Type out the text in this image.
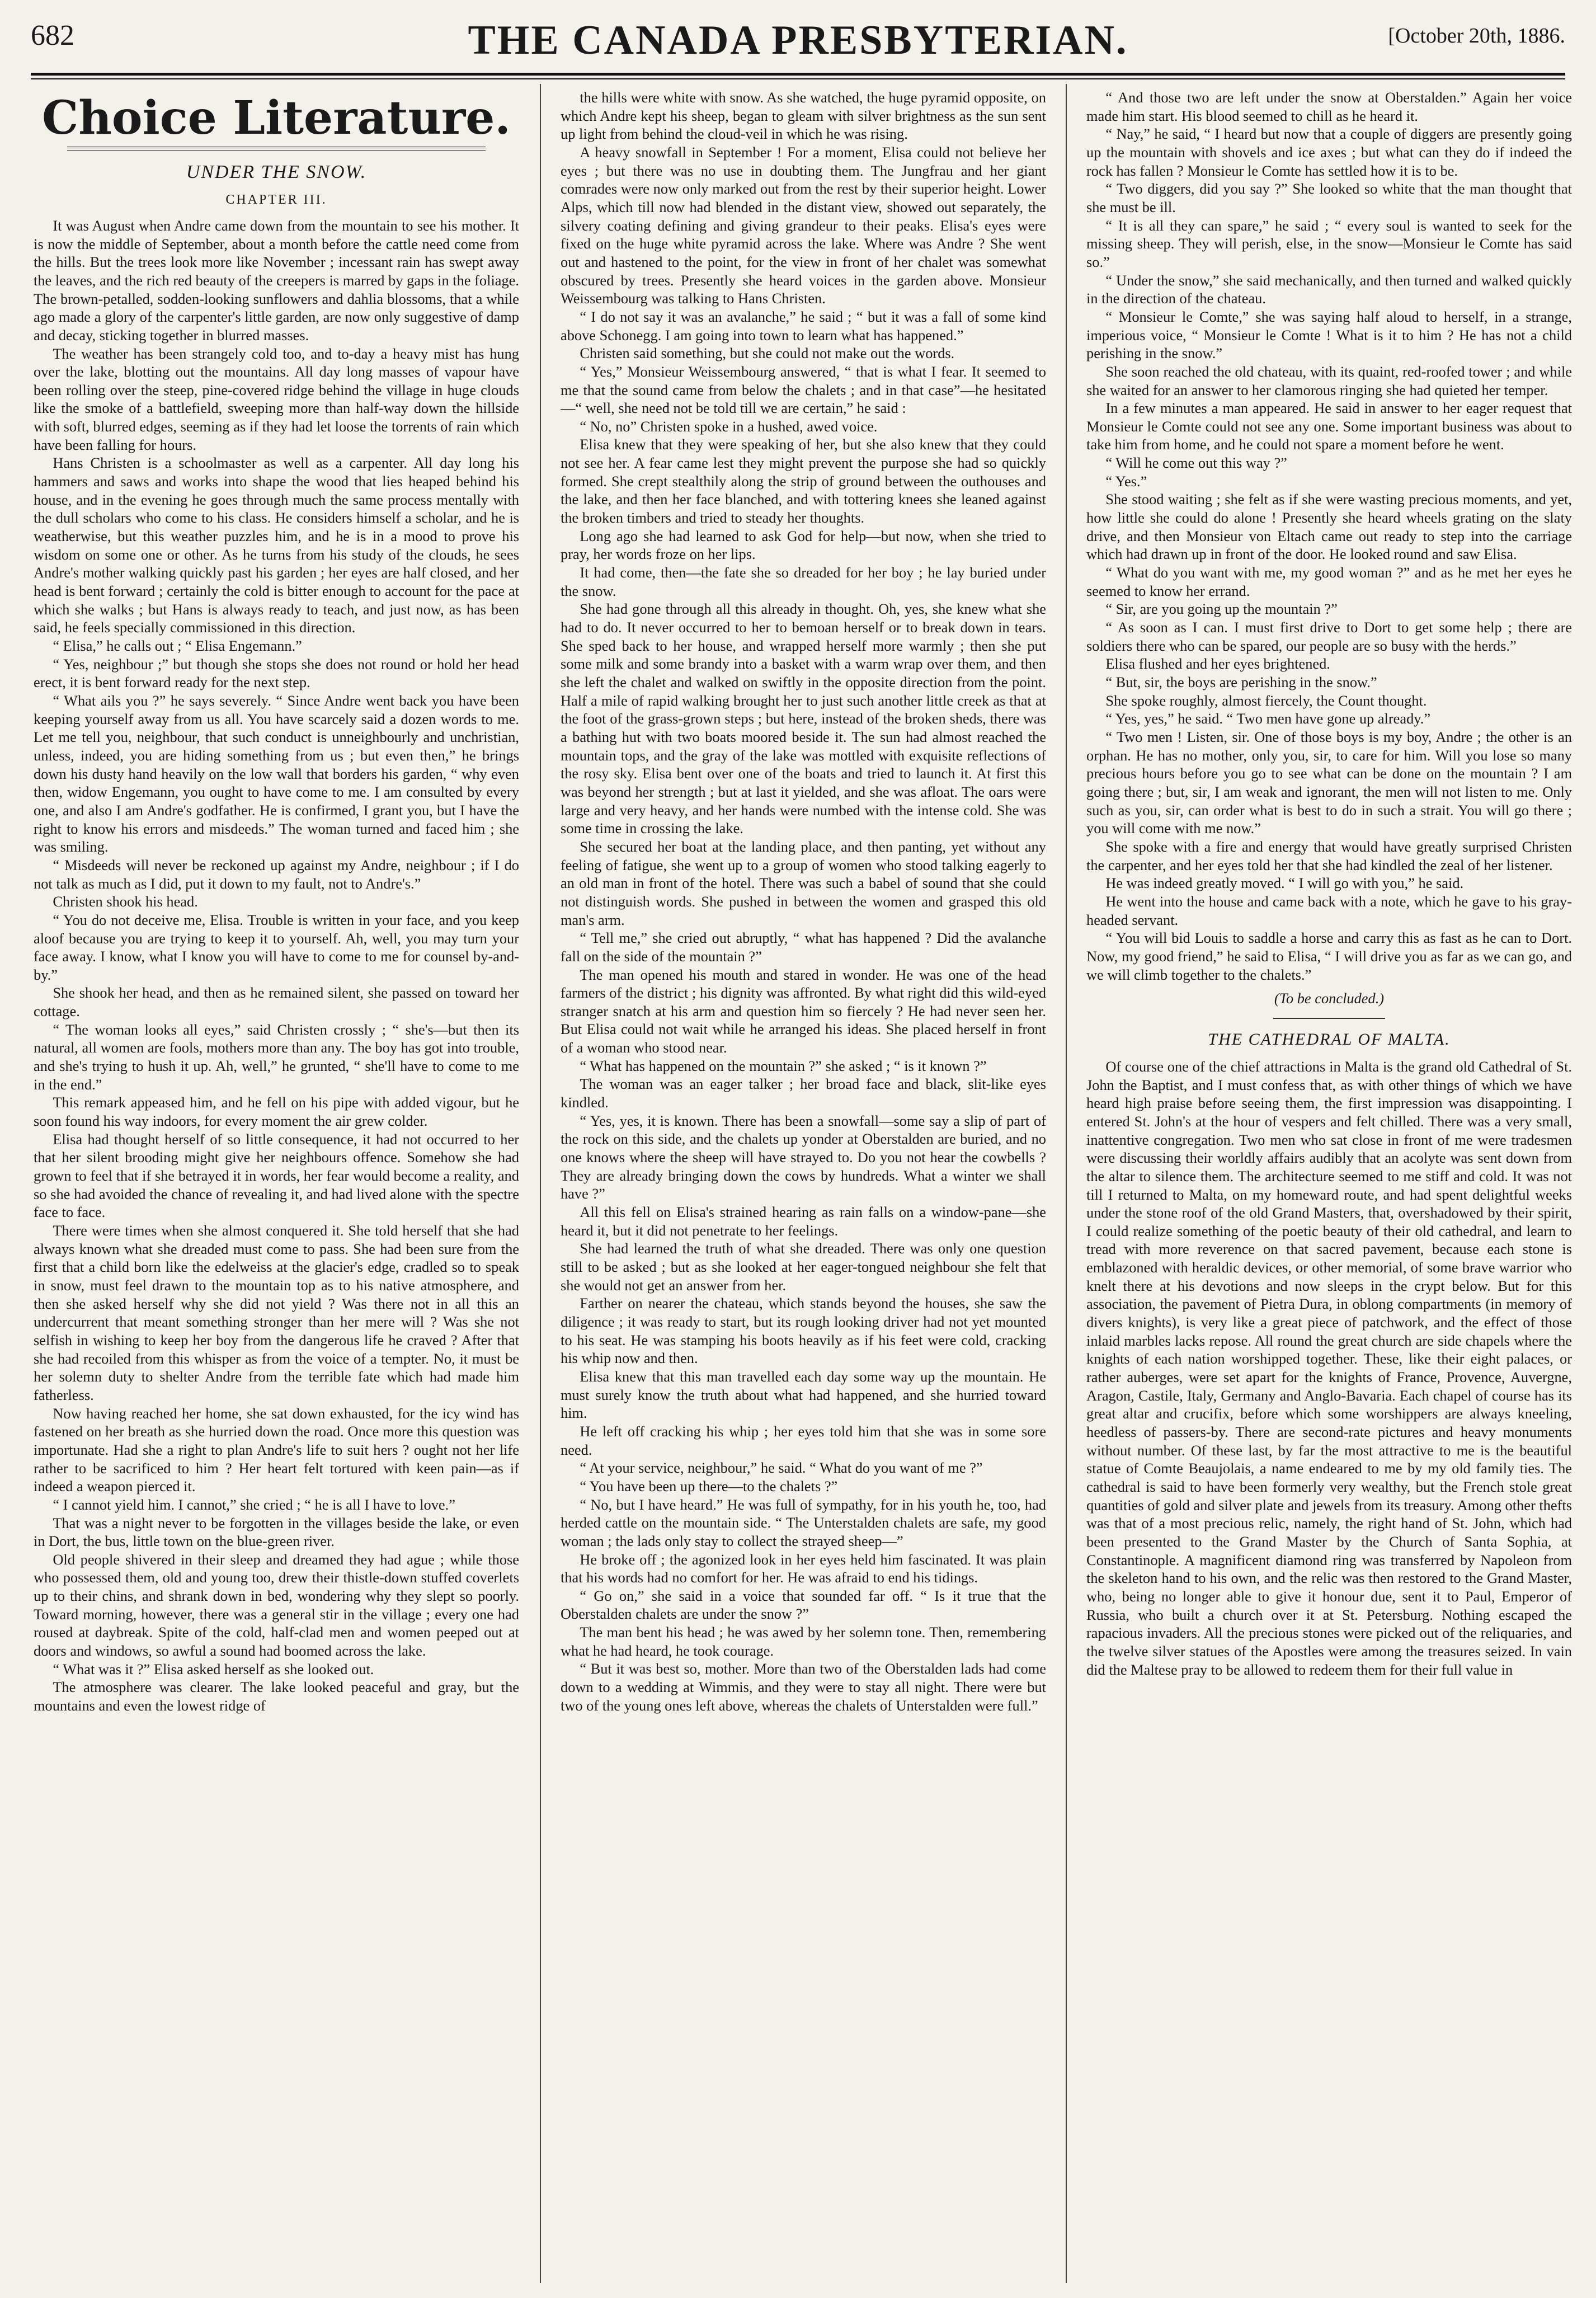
682	THE CANADA PRESBYTERIAN.	[October 20th, 1886.
Choice Literature.
UNDER THE SNOW.
CHAPTER III.

It was August when Andre came down from the mountain to see his mother. It is now the middle of September, about a month before the cattle need come from the hills. But the trees look more like November ; incessant rain has swept away the leaves, and the rich red beauty of the creepers is marred by gaps in the foliage. The brown-petalled, sodden-looking sunflowers and dahlia blossoms, that a while ago made a glory of the carpenter's little garden, are now only suggestive of damp and decay, sticking together in blurred masses.

The weather has been strangely cold too, and to-day a heavy mist has hung over the lake, blotting out the mountains. All day long masses of vapour have been rolling over the steep, pine-covered ridge behind the village in huge clouds like the smoke of a battlefield, sweeping more than half-way down the hillside with soft, blurred edges, seeming as if they had let loose the torrents of rain which have been falling for hours.

Hans Christen is a schoolmaster as well as a carpenter. All day long his hammers and saws and works into shape the wood that lies heaped behind his house, and in the evening he goes through much the same process mentally with the dull scholars who come to his class. He considers himself a scholar, and he is weatherwise, but this weather puzzles him, and he is in a mood to prove his wisdom on some one or other. As he turns from his study of the clouds, he sees Andre's mother walking quickly past his garden ; her eyes are half closed, and her head is bent forward ; certainly the cold is bitter enough to account for the pace at which she walks ; but Hans is always ready to teach, and just now, as has been said, he feels specially commissioned in this direction.

“ Elisa,” he calls out ; “ Elisa Engemann.”

“ Yes, neighbour ;” but though she stops she does not round or hold her head erect, it is bent forward ready for the next step.

“ What ails you ?” he says severely. “ Since Andre went back you have been keeping yourself away from us all. You have scarcely said a dozen words to me. Let me tell you, neighbour, that such conduct is unneighbourly and unchristian, unless, indeed, you are hiding something from us ; but even then,” he brings down his dusty hand heavily on the low wall that borders his garden, “ why even then, widow Engemann, you ought to have come to me. I am consulted by every one, and also I am Andre's godfather. He is confirmed, I grant you, but I have the right to know his errors and misdeeds.” The woman turned and faced him ; she was smiling.

“ Misdeeds will never be reckoned up against my Andre, neighbour ; if I do not talk as much as I did, put it down to my fault, not to Andre's.”

Christen shook his head.

“ You do not deceive me, Elisa. Trouble is written in your face, and you keep aloof because you are trying to keep it to yourself. Ah, well, you may turn your face away. I know, what I know you will have to come to me for counsel by-and-by.”

She shook her head, and then as he remained silent, she passed on toward her cottage.

“ The woman looks all eyes,” said Christen crossly ; “ she's—but then its natural, all women are fools, mothers more than any. The boy has got into trouble, and she's trying to hush it up. Ah, well,” he grunted, “ she'll have to come to me in the end.”

This remark appeased him, and he fell on his pipe with added vigour, but he soon found his way indoors, for every moment the air grew colder.

Elisa had thought herself of so little consequence, it had not occurred to her that her silent brooding might give her neighbours offence. Somehow she had grown to feel that if she betrayed it in words, her fear would become a reality, and so she had avoided the chance of revealing it, and had lived alone with the spectre face to face.

There were times when she almost conquered it. She told herself that she had always known what she dreaded must come to pass. She had been sure from the first that a child born like the edelweiss at the glacier's edge, cradled so to speak in snow, must feel drawn to the mountain top as to his native atmosphere, and then she asked herself why she did not yield ? Was there not in all this an undercurrent that meant something stronger than her mere will ? Was she not selfish in wishing to keep her boy from the dangerous life he craved ? After that she had recoiled from this whisper as from the voice of a tempter. No, it must be her solemn duty to shelter Andre from the terrible fate which had made him fatherless.

Now having reached her home, she sat down exhausted, for the icy wind has fastened on her breath as she hurried down the road. Once more this question was importunate. Had she a right to plan Andre's life to suit hers ? ought not her life rather to be sacrificed to him ? Her heart felt tortured with keen pain—as if indeed a weapon pierced it.

“ I cannot yield him. I cannot,” she cried ; “ he is all I have to love.”

That was a night never to be forgotten in the villages beside the lake, or even in Dort, the bus, little town on the blue-green river.

Old people shivered in their sleep and dreamed they had ague ; while those who possessed them, old and young too, drew their thistle-down stuffed coverlets up to their chins, and shrank down in bed, wondering why they slept so poorly. Toward morning, however, there was a general stir in the village ; every one had roused at daybreak. Spite of the cold, half-clad men and women peeped out at doors and windows, so awful a sound had boomed across the lake.

“ What was it ?” Elisa asked herself as she looked out.

The atmosphere was clearer. The lake looked peaceful and gray, but the mountains and even the lowest ridge of

the hills were white with snow. As she watched, the huge pyramid opposite, on which Andre kept his sheep, began to gleam with silver brightness as the sun sent up light from behind the cloud-veil in which he was rising.

A heavy snowfall in September ! For a moment, Elisa could not believe her eyes ; but there was no use in doubting them. The Jungfrau and her giant comrades were now only marked out from the rest by their superior height. Lower Alps, which till now had blended in the distant view, showed out separately, the silvery coating defining and giving grandeur to their peaks. Elisa's eyes were fixed on the huge white pyramid across the lake. Where was Andre ? She went out and hastened to the point, for the view in front of her chalet was somewhat obscured by trees. Presently she heard voices in the garden above. Monsieur Weissembourg was talking to Hans Christen.

“ I do not say it was an avalanche,” he said ; “ but it was a fall of some kind above Schonegg. I am going into town to learn what has happened.”

Christen said something, but she could not make out the words.

“ Yes,” Monsieur Weissembourg answered, “ that is what I fear. It seemed to me that the sound came from below the chalets ; and in that case”—he hesitated—“ well, she need not be told till we are certain,” he said :

“ No, no” Christen spoke in a hushed, awed voice.

Elisa knew that they were speaking of her, but she also knew that they could not see her. A fear came lest they might prevent the purpose she had so quickly formed. She crept stealthily along the strip of ground between the outhouses and the lake, and then her face blanched, and with tottering knees she leaned against the broken timbers and tried to steady her thoughts.

Long ago she had learned to ask God for help—but now, when she tried to pray, her words froze on her lips.

It had come, then—the fate she so dreaded for her boy ; he lay buried under the snow.

She had gone through all this already in thought. Oh, yes, she knew what she had to do. It never occurred to her to bemoan herself or to break down in tears. She sped back to her house, and wrapped herself more warmly ; then she put some milk and some brandy into a basket with a warm wrap over them, and then she left the chalet and walked on swiftly in the opposite direction from the point. Half a mile of rapid walking brought her to just such another little creek as that at the foot of the grass-grown steps ; but here, instead of the broken sheds, there was a bathing hut with two boats moored beside it. The sun had almost reached the mountain tops, and the gray of the lake was mottled with exquisite reflections of the rosy sky. Elisa bent over one of the boats and tried to launch it. At first this was beyond her strength ; but at last it yielded, and she was afloat. The oars were large and very heavy, and her hands were numbed with the intense cold. She was some time in crossing the lake.

She secured her boat at the landing place, and then panting, yet without any feeling of fatigue, she went up to a group of women who stood talking eagerly to an old man in front of the hotel. There was such a babel of sound that she could not distinguish words. She pushed in between the women and grasped this old man's arm.

“ Tell me,” she cried out abruptly, “ what has happened ? Did the avalanche fall on the side of the mountain ?”

The man opened his mouth and stared in wonder. He was one of the head farmers of the district ; his dignity was affronted. By what right did this wild-eyed stranger snatch at his arm and question him so fiercely ? He had never seen her. But Elisa could not wait while he arranged his ideas. She placed herself in front of a woman who stood near.

“ What has happened on the mountain ?” she asked ; “ is it known ?”

The woman was an eager talker ; her broad face and black, slit-like eyes kindled.

“ Yes, yes, it is known. There has been a snowfall—some say a slip of part of the rock on this side, and the chalets up yonder at Oberstalden are buried, and no one knows where the sheep will have strayed to. Do you not hear the cowbells ? They are already bringing down the cows by hundreds. What a winter we shall have ?”

All this fell on Elisa's strained hearing as rain falls on a window-pane—she heard it, but it did not penetrate to her feelings.

She had learned the truth of what she dreaded. There was only one question still to be asked ; but as she looked at her eager-tongued neighbour she felt that she would not get an answer from her.

Farther on nearer the chateau, which stands beyond the houses, she saw the diligence ; it was ready to start, but its rough looking driver had not yet mounted to his seat. He was stamping his boots heavily as if his feet were cold, cracking his whip now and then.

Elisa knew that this man travelled each day some way up the mountain. He must surely know the truth about what had happened, and she hurried toward him.

He left off cracking his whip ; her eyes told him that she was in some sore need.

“ At your service, neighbour,” he said. “ What do you want of me ?”

“ You have been up there—to the chalets ?”

“ No, but I have heard.” He was full of sympathy, for in his youth he, too, had herded cattle on the mountain side. “ The Unterstalden chalets are safe, my good woman ; the lads only stay to collect the strayed sheep—”

He broke off ; the agonized look in her eyes held him fascinated. It was plain that his words had no comfort for her. He was afraid to end his tidings.

“ Go on,” she said in a voice that sounded far off. “ Is it true that the Oberstalden chalets are under the snow ?”

The man bent his head ; he was awed by her solemn tone. Then, remembering what he had heard, he took courage.

“ But it was best so, mother. More than two of the Oberstalden lads had come down to a wedding at Wimmis, and they were to stay all night. There were but two of the young ones left above, whereas the chalets of Unterstalden were full.”

“ And those two are left under the snow at Oberstalden.” Again her voice made him start. His blood seemed to chill as he heard it.

“ Nay,” he said, “ I heard but now that a couple of diggers are presently going up the mountain with shovels and ice axes ; but what can they do if indeed the rock has fallen ? Monsieur le Comte has settled how it is to be.

“ Two diggers, did you say ?” She looked so white that the man thought that she must be ill.

“ It is all they can spare,” he said ; “ every soul is wanted to seek for the missing sheep. They will perish, else, in the snow—Monsieur le Comte has said so.”

“ Under the snow,” she said mechanically, and then turned and walked quickly in the direction of the chateau.

“ Monsieur le Comte,” she was saying half aloud to herself, in a strange, imperious voice, “ Monsieur le Comte ! What is it to him ? He has not a child perishing in the snow.”

She soon reached the old chateau, with its quaint, red-roofed tower ; and while she waited for an answer to her clamorous ringing she had quieted her temper.

In a few minutes a man appeared. He said in answer to her eager request that Monsieur le Comte could not see any one. Some important business was about to take him from home, and he could not spare a moment before he went.

“ Will he come out this way ?”

“ Yes.”

She stood waiting ; she felt as if she were wasting precious moments, and yet, how little she could do alone ! Presently she heard wheels grating on the slaty drive, and then Monsieur von Eltach came out ready to step into the carriage which had drawn up in front of the door. He looked round and saw Elisa.

“ What do you want with me, my good woman ?” and as he met her eyes he seemed to know her errand.

“ Sir, are you going up the mountain ?”

“ As soon as I can. I must first drive to Dort to get some help ; there are soldiers there who can be spared, our people are so busy with the herds.”

Elisa flushed and her eyes brightened.

“ But, sir, the boys are perishing in the snow.”

She spoke roughly, almost fiercely, the Count thought.

“ Yes, yes,” he said. “ Two men have gone up already.”

“ Two men ! Listen, sir. One of those boys is my boy, Andre ; the other is an orphan. He has no mother, only you, sir, to care for him. Will you lose so many precious hours before you go to see what can be done on the mountain ? I am going there ; but, sir, I am weak and ignorant, the men will not listen to me. Only such as you, sir, can order what is best to do in such a strait. You will go there ; you will come with me now.”

She spoke with a fire and energy that would have greatly surprised Christen the carpenter, and her eyes told her that she had kindled the zeal of her listener.

He was indeed greatly moved. “ I will go with you,” he said.

He went into the house and came back with a note, which he gave to his gray-headed servant.

“ You will bid Louis to saddle a horse and carry this as fast as he can to Dort. Now, my good friend,” he said to Elisa, “ I will drive you as far as we can go, and we will climb together to the chalets.”

(To be concluded.)
THE CATHEDRAL OF MALTA.

Of course one of the chief attractions in Malta is the grand old Cathedral of St. John the Baptist, and I must confess that, as with other things of which we have heard high praise before seeing them, the first impression was disappointing. I entered St. John's at the hour of vespers and felt chilled. There was a very small, inattentive congregation. Two men who sat close in front of me were tradesmen were discussing their worldly affairs audibly that an acolyte was sent down from the altar to silence them. The architecture seemed to me stiff and cold. It was not till I returned to Malta, on my homeward route, and had spent delightful weeks under the stone roof of the old Grand Masters, that, overshadowed by their spirit, I could realize something of the poetic beauty of their old cathedral, and learn to tread with more reverence on that sacred pavement, because each stone is emblazoned with heraldic devices, or other memorial, of some brave warrior who knelt there at his devotions and now sleeps in the crypt below. But for this association, the pavement of Pietra Dura, in oblong compartments (in memory of divers knights), is very like a great piece of patchwork, and the effect of those inlaid marbles lacks repose. All round the great church are side chapels where the knights of each nation worshipped together. These, like their eight palaces, or rather auberges, were set apart for the knights of France, Provence, Auvergne, Aragon, Castile, Italy, Germany and Anglo-Bavaria. Each chapel of course has its great altar and crucifix, before which some worshippers are always kneeling, heedless of passers-by. There are second-rate pictures and heavy monuments without number. Of these last, by far the most attractive to me is the beautiful statue of Comte Beaujolais, a name endeared to me by my old family ties. The cathedral is said to have been formerly very wealthy, but the French stole great quantities of gold and silver plate and jewels from its treasury. Among other thefts was that of a most precious relic, namely, the right hand of St. John, which had been presented to the Grand Master by the Church of Santa Sophia, at Constantinople. A magnificent diamond ring was transferred by Napoleon from the skeleton hand to his own, and the relic was then restored to the Grand Master, who, being no longer able to give it honour due, sent it to Paul, Emperor of Russia, who built a church over it at St. Petersburg. Nothing escaped the rapacious invaders. All the precious stones were picked out of the reliquaries, and the twelve silver statues of the Apostles were among the treasures seized. In vain did the Maltese pray to be allowed to redeem them for their full value in
